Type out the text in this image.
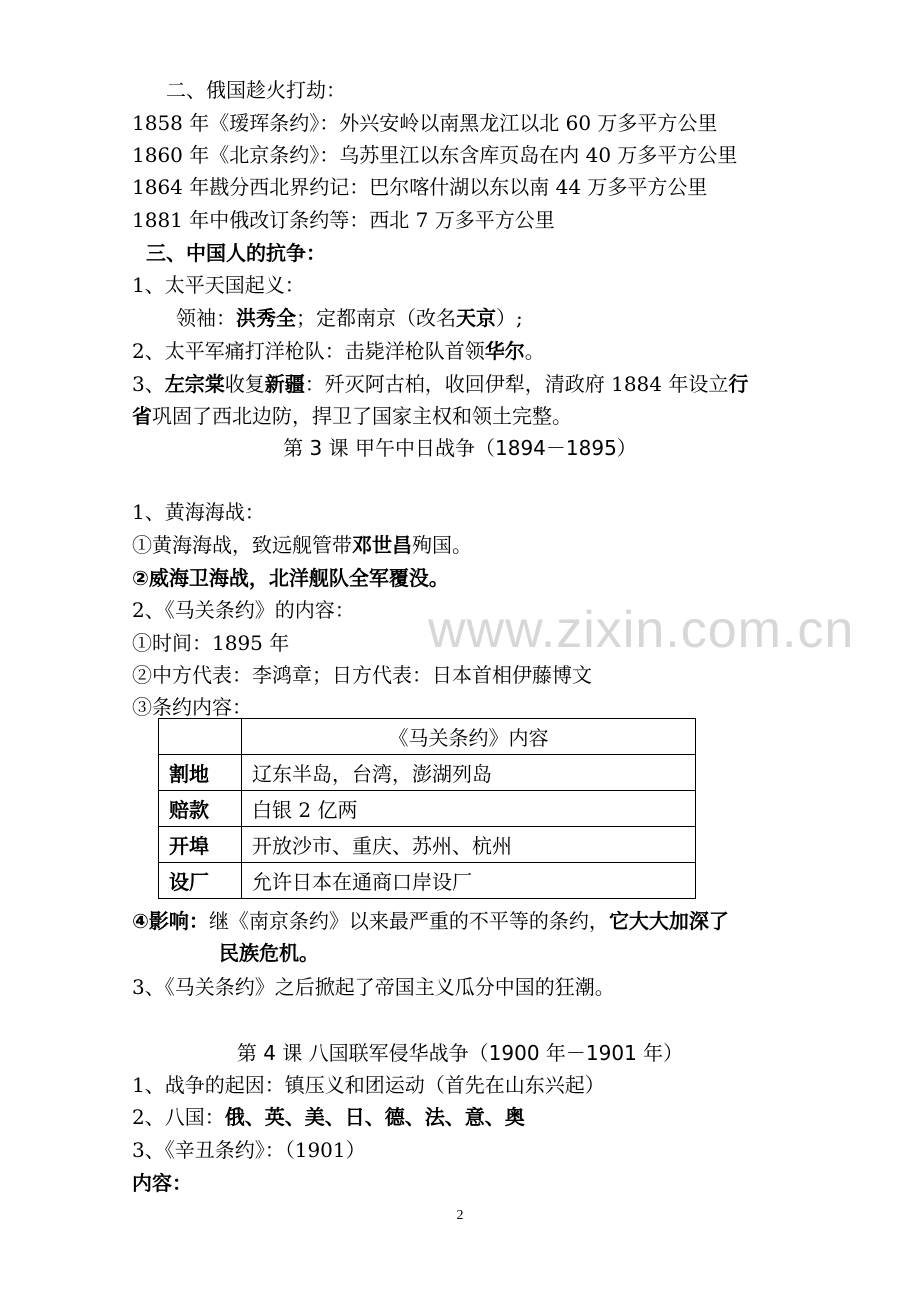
www.zixin.com.cn
二、俄国趁火打劫：
1858 年《瑷珲条约》：外兴安岭以南黑龙江以北 60 万多平方公里
1860 年《北京条约》：乌苏里江以东含库页岛在内 40 万多平方公里
1864 年戡分西北界约记：巴尔喀什湖以东以南 44 万多平方公里
1881 年中俄改订条约等：西北 7 万多平方公里
三、中国人的抗争：
1、太平天国起义：
领袖：洪秀全；定都南京（改名天京）;
2、太平军痛打洋枪队：击毙洋枪队首领华尔。
3、左宗棠收复新疆：歼灭阿古柏，收回伊犁，清政府 1884 年设立行
省巩固了西北边防，捍卫了国家主权和领土完整。
第 3 课 甲午中日战争（1894－1895）
1、黄海海战：
①黄海海战，致远舰管带邓世昌殉国。
②威海卫海战，北洋舰队全军覆没。
2、《马关条约》的内容：
①时间：1895 年
②中方代表：李鸿章；日方代表：日本首相伊藤博文
③条约内容：
	《马关条约》内容
割地	辽东半岛，台湾，澎湖列岛
赔款	白银 2 亿两
开埠	开放沙市、重庆、苏州、杭州
设厂	允许日本在通商口岸设厂
④影响：继《南京条约》以来最严重的不平等的条约，它大大加深了
民族危机。
3、《马关条约》之后掀起了帝国主义瓜分中国的狂潮。
第 4 课 八国联军侵华战争（1900 年－1901 年）
1、战争的起因：镇压义和团运动（首先在山东兴起）
2、八国：俄、英、美、日、德、法、意、奥
3、《辛丑条约》：（1901）
内容：
2
